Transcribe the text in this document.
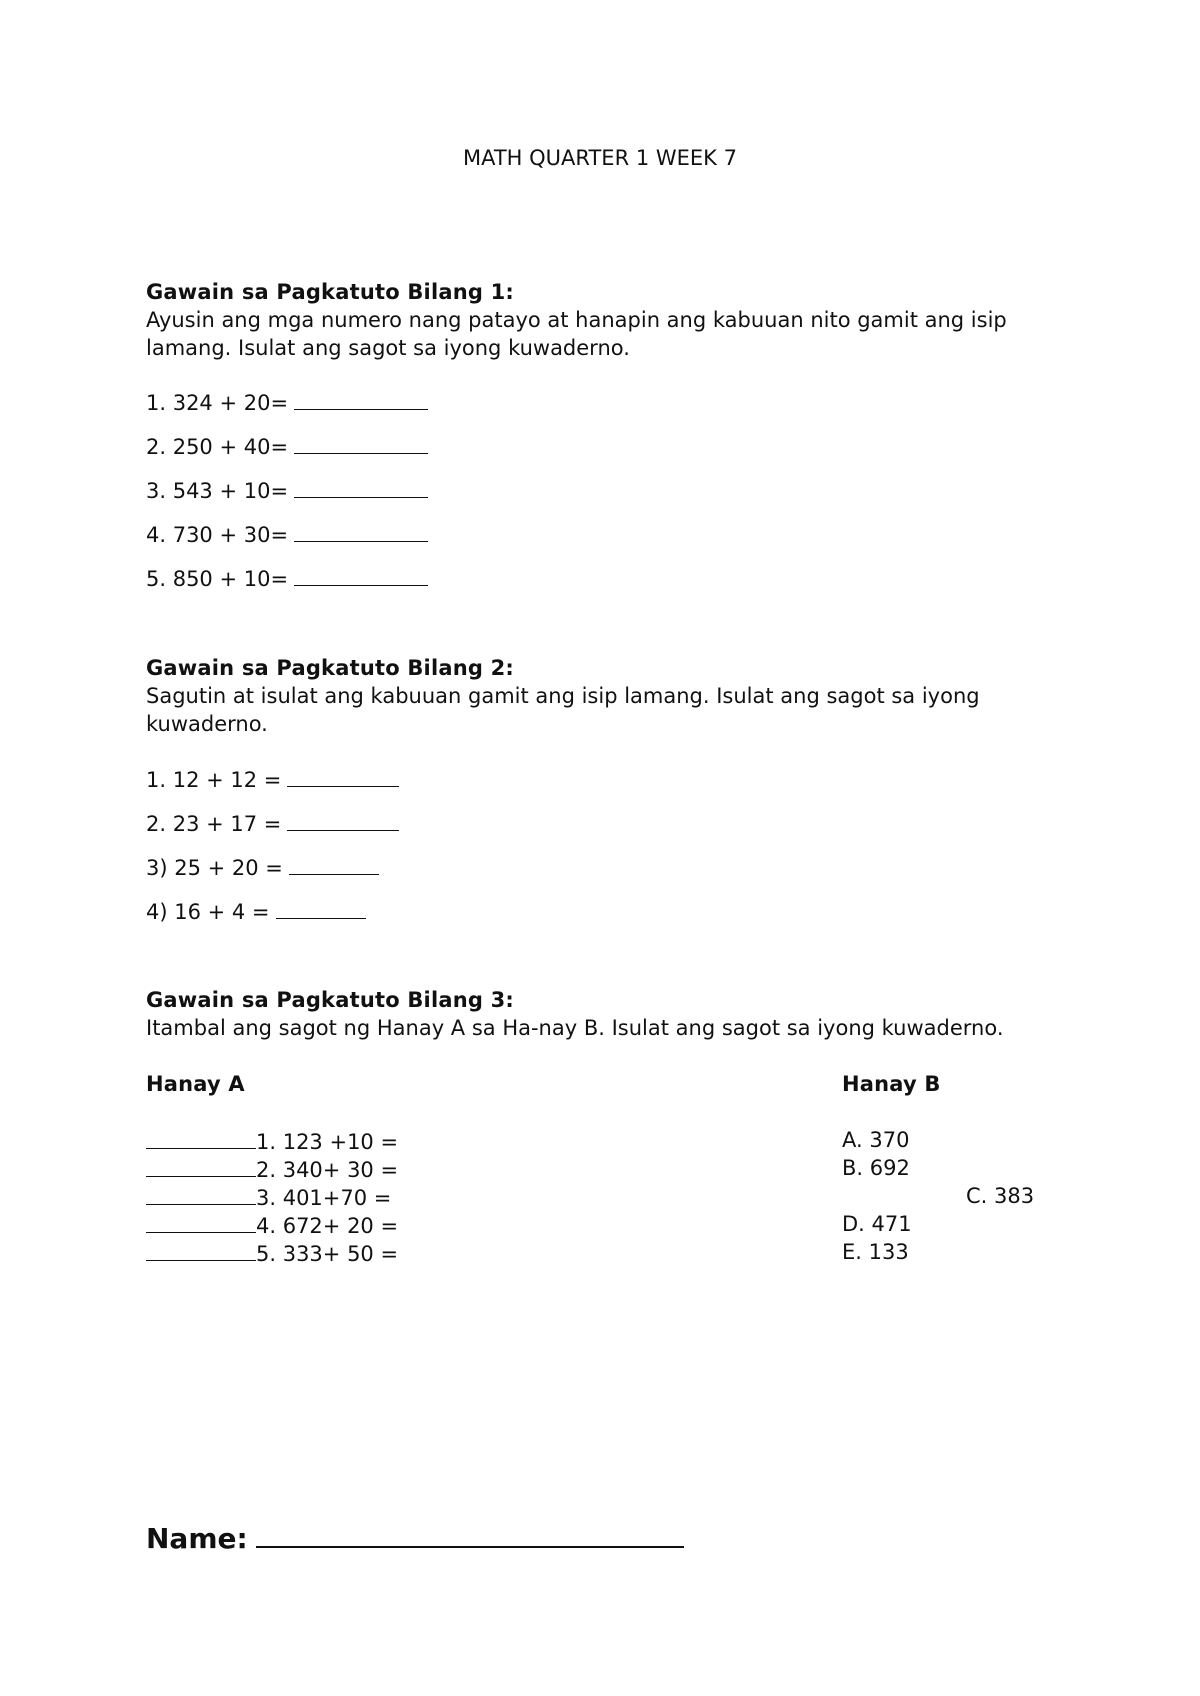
MATH QUARTER 1 WEEK 7
Gawain sa Pagkatuto Bilang 1:
Ayusin ang mga numero nang patayo at hanapin ang kabuuan nito gamit ang isip lamang. Isulat ang sagot sa iyong kuwaderno.
1. 324 + 20=
2. 250 + 40=
3. 543 + 10=
4. 730 + 30=
5. 850 + 10=
Gawain sa Pagkatuto Bilang 2:
Sagutin at isulat ang kabuuan gamit ang isip lamang. Isulat ang sagot sa iyong kuwaderno.
1. 12 + 12 =
2. 23 + 17 =
3) 25 + 20 =
4) 16 + 4 =
Gawain sa Pagkatuto Bilang 3:
Itambal ang sagot ng Hanay A sa Ha-nay B. Isulat ang sagot sa iyong kuwaderno.
Hanay A	Hanay B
1. 123 +10 =
2. 340+ 30 =
3. 401+70 =
4. 672+ 20 =
5. 333+ 50 =
A. 370
B. 692
C. 383
D. 471
E. 133
Name:
